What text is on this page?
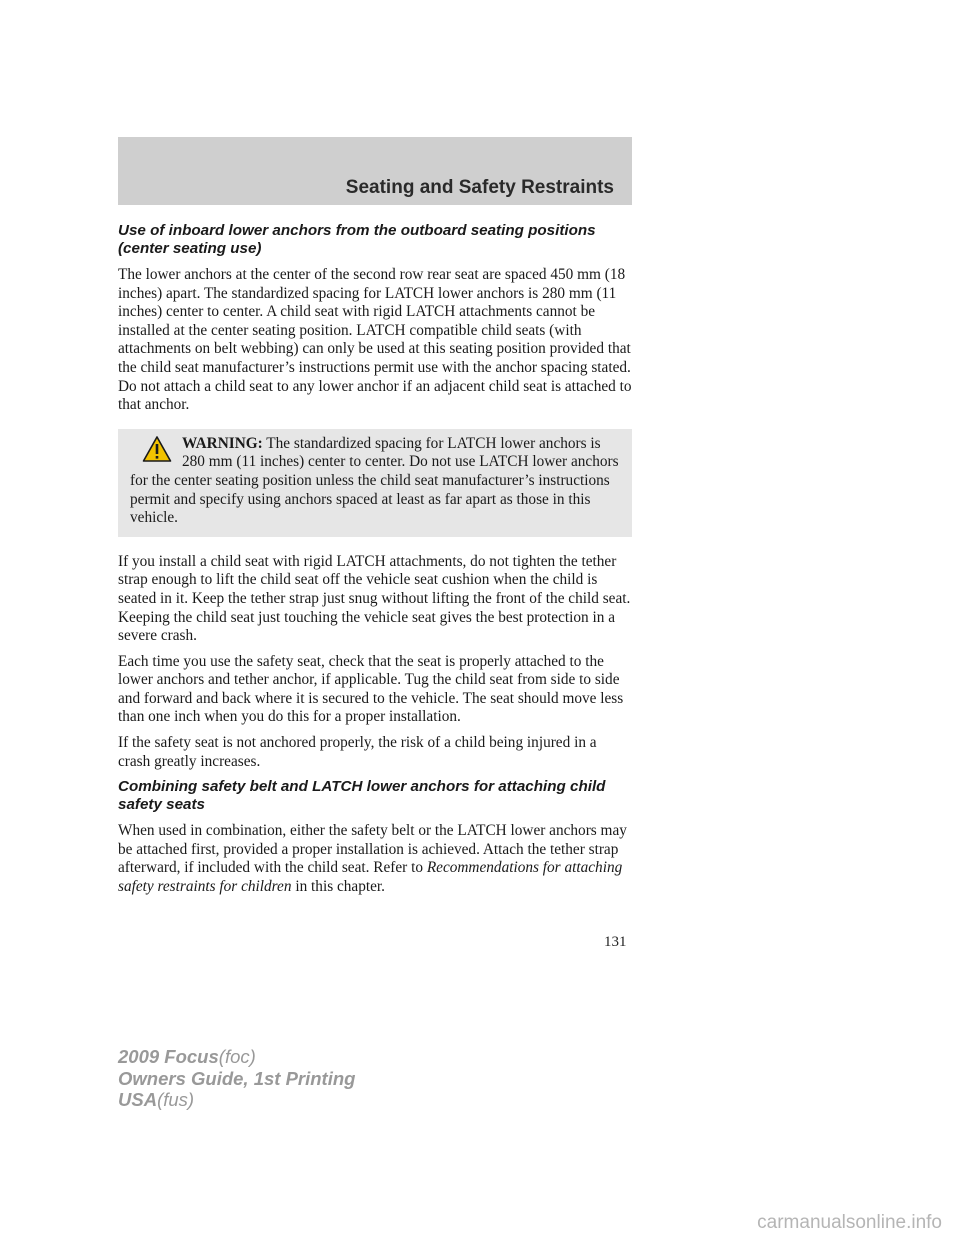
Seating and Safety Restraints
Use of inboard lower anchors from the outboard seating positions (center seating use)

The lower anchors at the center of the second row rear seat are spaced 450 mm (18 inches) apart. The standardized spacing for LATCH lower anchors is 280 mm (11 inches) center to center. A child seat with rigid LATCH attachments cannot be installed at the center seating position. LATCH compatible child seats (with attachments on belt webbing) can only be used at this seating position provided that the child seat manufacturer’s instructions permit use with the anchor spacing stated. Do not attach a child seat to any lower anchor if an adjacent child seat is attached to that anchor.

WARNING: The standardized spacing for LATCH lower anchors is 280 mm (11 inches) center to center. Do not use LATCH lower anchors for the center seating position unless the child seat manufacturer’s instructions permit and specify using anchors spaced at least as far apart as those in this vehicle.

If you install a child seat with rigid LATCH attachments, do not tighten the tether strap enough to lift the child seat off the vehicle seat cushion when the child is seated in it. Keep the tether strap just snug without lifting the front of the child seat. Keeping the child seat just touching the vehicle seat gives the best protection in a severe crash.

Each time you use the safety seat, check that the seat is properly attached to the lower anchors and tether anchor, if applicable. Tug the child seat from side to side and forward and back where it is secured to the vehicle. The seat should move less than one inch when you do this for a proper installation.

If the safety seat is not anchored properly, the risk of a child being injured in a crash greatly increases.

Combining safety belt and LATCH lower anchors for attaching child safety seats

When used in combination, either the safety belt or the LATCH lower anchors may be attached first, provided a proper installation is achieved. Attach the tether strap afterward, if included with the child seat. Refer to Recommendations for attaching safety restraints for children in this chapter.

131
2009 Focus(foc)
Owners Guide, 1st Printing
USA(fus)
carmanualsonline.info
